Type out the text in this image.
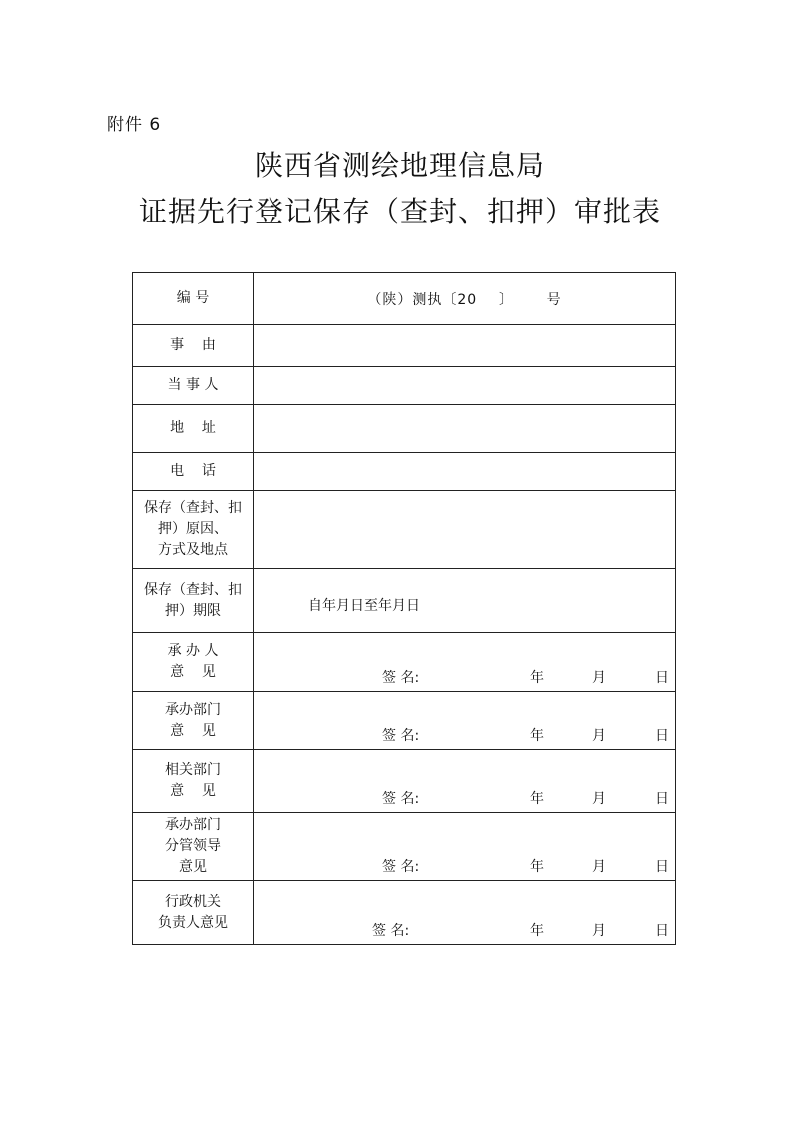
附件 6
陕西省测绘地理信息局
证据先行登记保存（查封、扣押）审批表
编 号	（陕）测执〔20    〕      号

事    由	
当 事 人	
地    址	
电    话	

保存（查封、扣
押）原因、
方式及地点	

保存（查封、扣
押）期限	自年月日至年月日

承 办 人
意    见	签 名: 年 月 日

承办部门
意    见	签 名: 年 月 日

相关部门
意    见	签 名: 年 月 日

承办部门
分管领导
意见	签 名: 年 月 日

行政机关
负责人意见	签 名: 年 月 日
